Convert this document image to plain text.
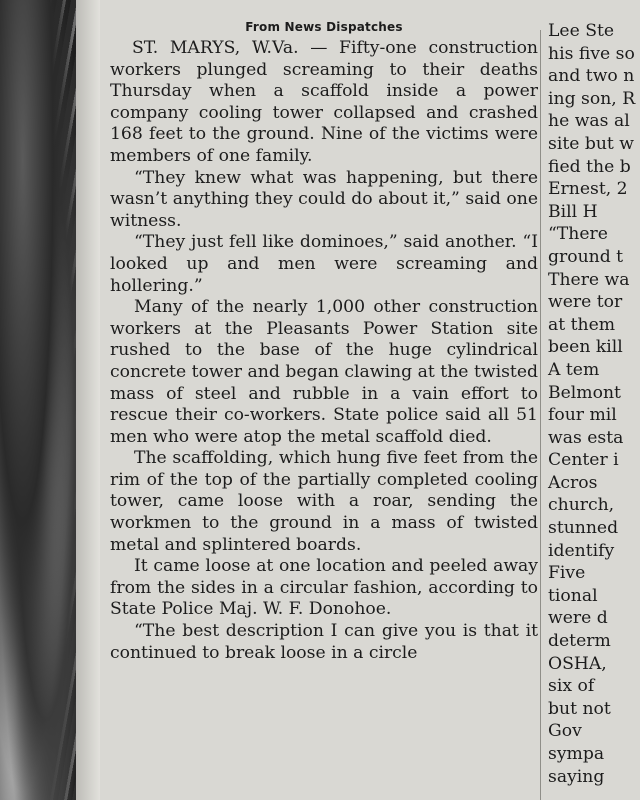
From News Dispatches

ST. MARYS, W.Va. — Fifty-one construction workers plunged screaming to their deaths Thursday when a scaffold inside a power company cooling tower collapsed and crashed 168 feet to the ground. Nine of the victims were members of one family.

“They knew what was happening, but there wasn’t anything they could do about it,” said one witness.

“They just fell like dominoes,” said another. “I looked up and men were screaming and hollering.”

Many of the nearly 1,000 other construction workers at the Pleasants Power Station site rushed to the base of the huge cylindrical concrete tower and began clawing at the twisted mass of steel and rubble in a vain effort to rescue their co-workers. State police said all 51 men who were atop the metal scaffold died.

The scaffolding, which hung five feet from the rim of the top of the partially completed cooling tower, came loose with a roar, sending the workmen to the ground in a mass of twisted metal and splintered boards.

It came loose at one location and peeled away from the sides in a circular fashion, according to State Police Maj. W. F. Donohoe.

“The best description I can give you is that it continued to break loose in a circle

Lee Ste
his five so
and two n
ing son, R
he was al
site but w
fied the b
Ernest, 2
Bill H
“There
ground t
There wa
were tor
at them
been kill
A tem
Belmont
four mil
was esta
Center i
Acros
church,
stunned
identify
Five
tional
were d
determ
OSHA,
six of
but not
Gov
sympa
saying
